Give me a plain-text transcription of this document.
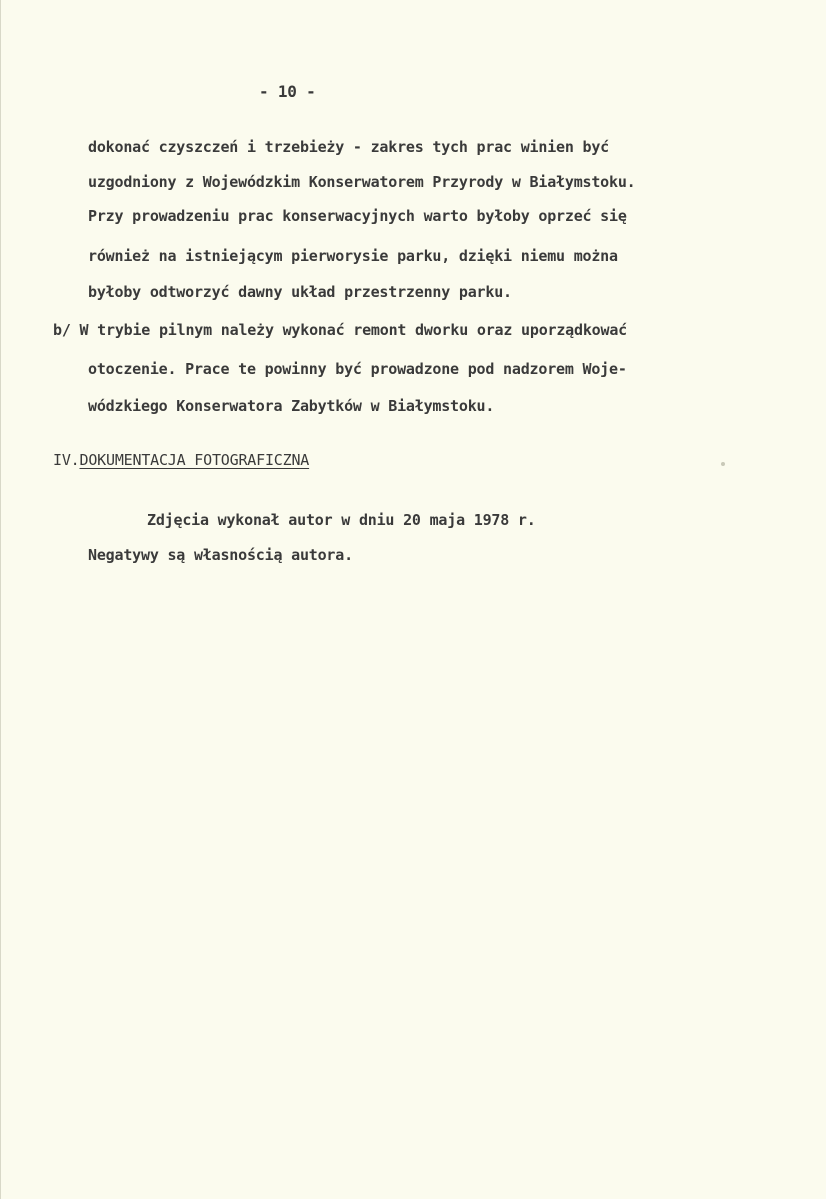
- 10 -
dokonać czyszczeń i trzebieży - zakres tych prac winien być
uzgodniony z Wojewódzkim Konserwatorem Przyrody w Białymstoku.
Przy prowadzeniu prac konserwacyjnych warto byłoby oprzeć się
również na istniejącym pierworysie parku, dzięki niemu można
byłoby odtworzyć dawny układ przestrzenny parku.
b/ W trybie pilnym należy wykonać remont dworku oraz uporządkować
otoczenie. Prace te powinny być prowadzone pod nadzorem Woje-
wódzkiego Konserwatora Zabytków w Białymstoku.
IV.DOKUMENTACJA FOTOGRAFICZNA
Zdjęcia wykonał autor w dniu 20 maja 1978 r.
Negatywy są własnością autora.
